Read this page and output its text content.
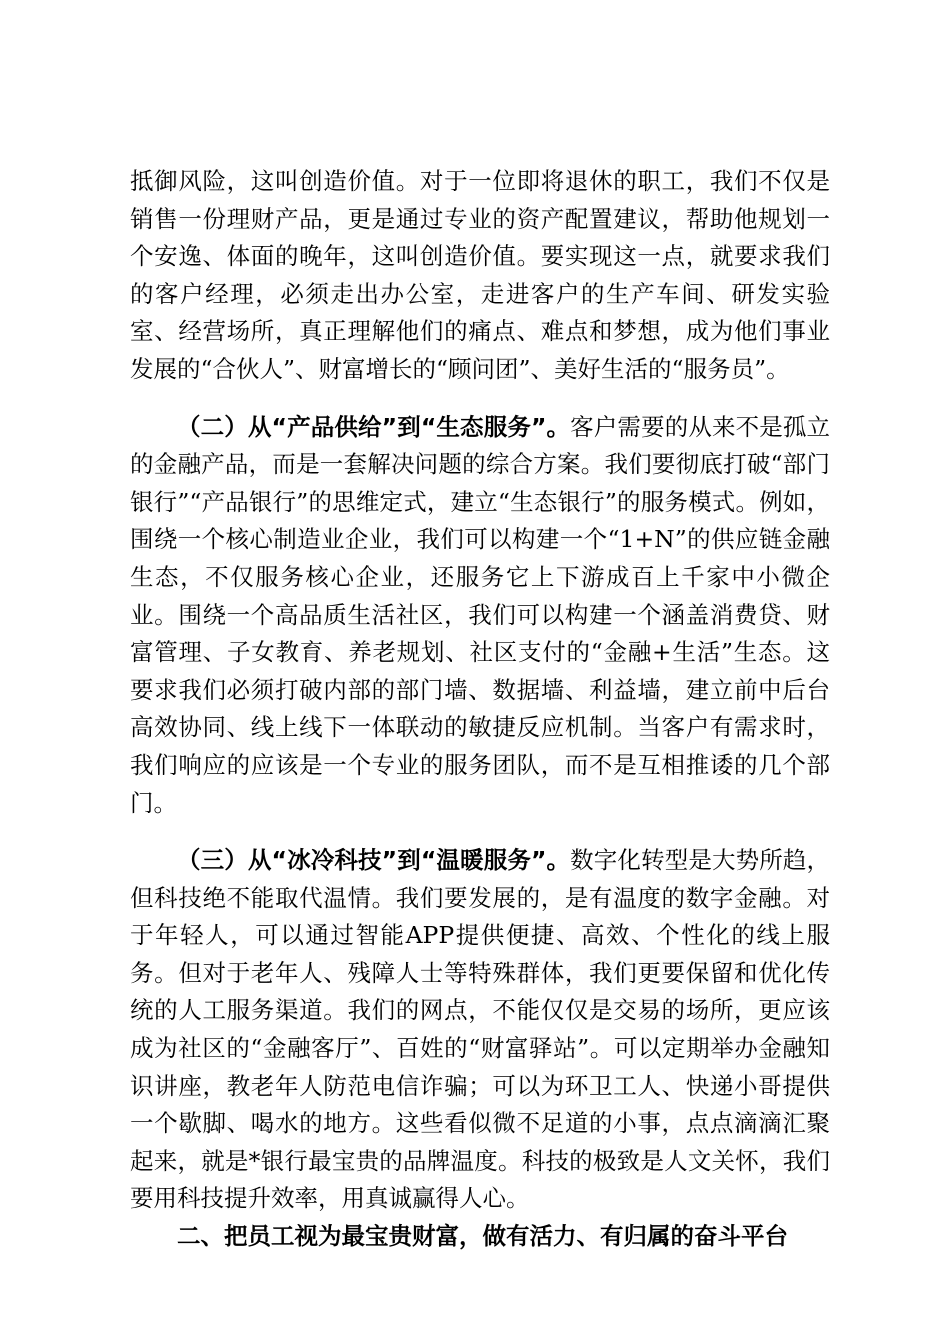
抵御风险，这叫创造价值。对于一位即将退休的职工，我们不仅是销售一份理财产品，更是通过专业的资产配置建议，帮助他规划一个安逸、体面的晚年，这叫创造价值。要实现这一点，就要求我们的客户经理，必须走出办公室，走进客户的生产车间、研发实验室、经营场所，真正理解他们的痛点、难点和梦想，成为他们事业发展的“合伙人”、财富增长的“顾问团”、美好生活的“服务员”。

（二）从“产品供给”到“生态服务”。客户需要的从来不是孤立的金融产品，而是一套解决问题的综合方案。我们要彻底打破“部门银行”“产品银行”的思维定式，建立“生态银行”的服务模式。例如，围绕一个核心制造业企业，我们可以构建一个“1+N”的供应链金融生态，不仅服务核心企业，还服务它上下游成百上千家中小微企业。围绕一个高品质生活社区，我们可以构建一个涵盖消费贷、财富管理、子女教育、养老规划、社区支付的“金融+生活”生态。这要求我们必须打破内部的部门墙、数据墙、利益墙，建立前中后台高效协同、线上线下一体联动的敏捷反应机制。当客户有需求时，我们响应的应该是一个专业的服务团队，而不是互相推诿的几个部门。

（三）从“冰冷科技”到“温暖服务”。数字化转型是大势所趋，但科技绝不能取代温情。我们要发展的，是有温度的数字金融。对于年轻人，可以通过智能APP提供便捷、高效、个性化的线上服务。但对于老年人、残障人士等特殊群体，我们更要保留和优化传统的人工服务渠道。我们的网点，不能仅仅是交易的场所，更应该成为社区的“金融客厅”、百姓的“财富驿站”。可以定期举办金融知识讲座，教老年人防范电信诈骗；可以为环卫工人、快递小哥提供一个歇脚、喝水的地方。这些看似微不足道的小事，点点滴滴汇聚起来，就是*银行最宝贵的品牌温度。科技的极致是人文关怀，我们要用科技提升效率，用真诚赢得人心。

二、把员工视为最宝贵财富，做有活力、有归属的奋斗平台
